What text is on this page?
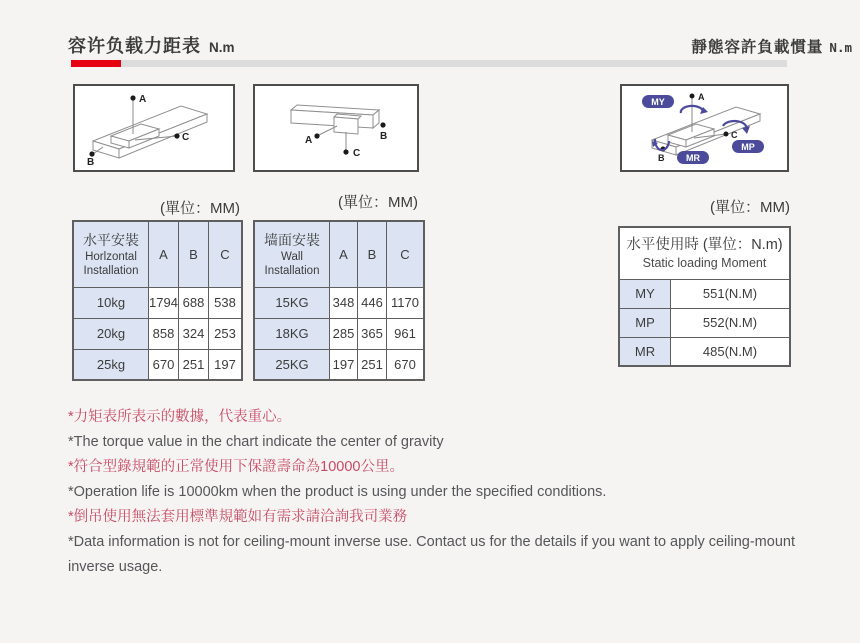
容许负载力距表 N.m	靜態容許負載慣量 N.m
A
B
C	A	B
C
A
MY
B MR
C
MP
(單位：MM)	(單位：MM)	(單位：MM)
水平安裝
Horlzontal
Installation	A	B	C
10kg	1794	688	538
20kg	858	324	253
25kg	670	251	197
墙面安裝
Wall
Installation	A	B	C
15KG	348	446	1170
18KG	285	365	961
25KG	197	251	670
水平使用時 (單位：N.m)
Static loading Moment	

MY	551(N.M)
MP	552(N.M)
MR	485(N.M)
*力矩表所表示的數據，代表重心。
*The torque value in the chart indicate the center of gravity
*符合型錄規範的正常使用下保證壽命為10000公里。
*Operation life is 10000km when the product is using under the specified conditions.
*倒吊使用無法套用標準規範如有需求請洽詢我司業務
*Data information is not for ceiling-mount inverse use. Contact us for the details if you want to apply ceiling-mount inverse usage.
